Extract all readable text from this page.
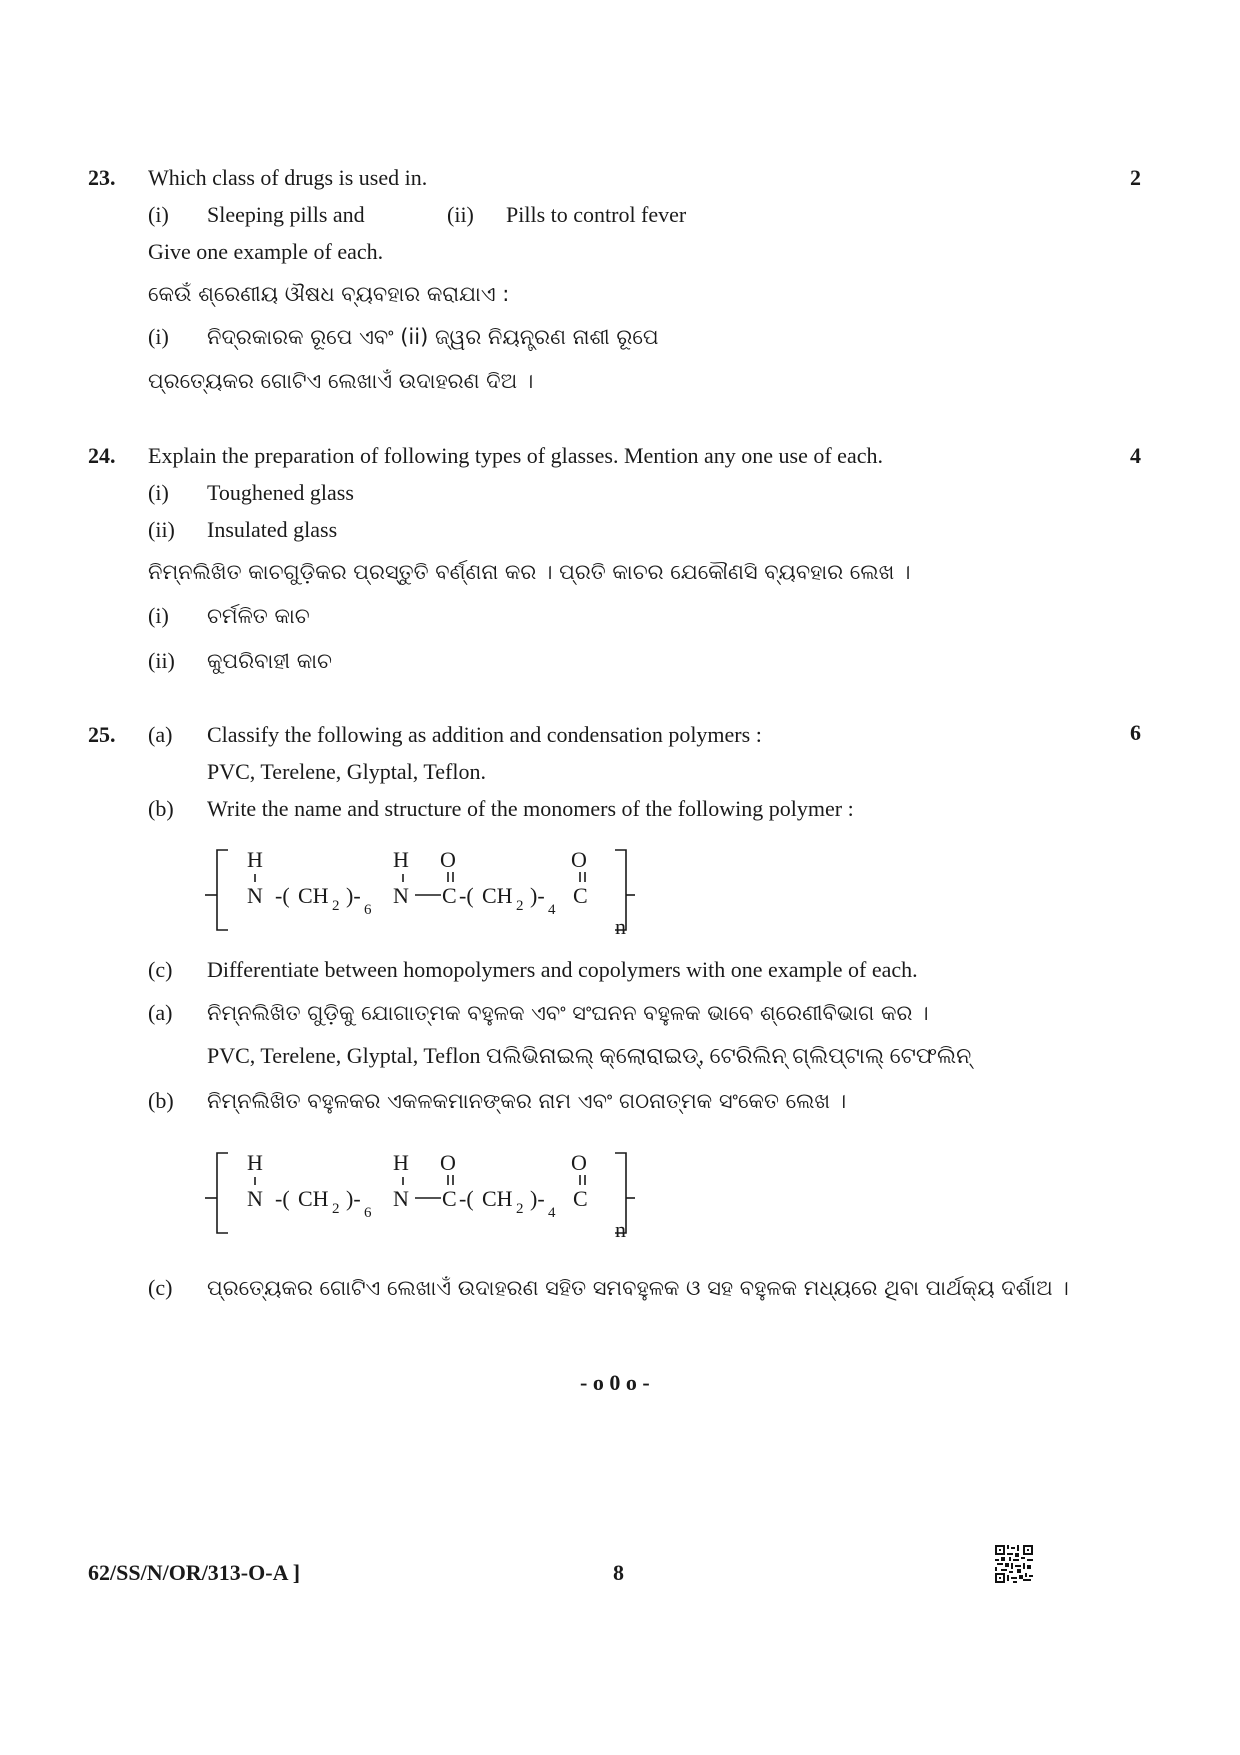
23. Which class of drugs is used in.	2
(i) Sleeping pills and	(ii) Pills to control fever
Give one example of each.
କେଉଁ ଶ୍ରେଣୀୟ ଔଷଧ ବ୍ୟବହାର କରାଯାଏ :
(i) ନିଦ୍ରକାରକ ରୂପେ ଏବଂ (ii) ଜ୍ୱର ନିୟନ୍ତ୍ରଣ ନାଶୀ ରୂପେ
ପ୍ରତ୍ୟେକର ଗୋଟିଏ ଲେଖାଏଁ ଉଦାହରଣ ଦିଅ ।
24. Explain the preparation of following types of glasses. Mention any one use of each.	4
(i) Toughened glass
(ii) Insulated glass
ନିମ୍ନଲିଖିତ କାଚଗୁଡ଼ିକର ପ୍ରସ୍ତୁତି ବର୍ଣ୍ଣନା କର । ପ୍ରତି କାଚର ଯେକୌଣସି ବ୍ୟବହାର ଲେଖ ।
(i) ଚର୍ମଳିତ କାଚ
(ii) କୁପରିବାହୀ କାଚ
25. (a) Classify the following as addition and condensation polymers :	6
PVC, Terelene, Glyptal, Teflon.
(b) Write the name and structure of the monomers of the following polymer :
H
N -( CH 2 )-
6
H
N
O
C -( CH 2 )-
4
O
C
n
(c) Differentiate between homopolymers and copolymers with one example of each.
(a) ନିମ୍ନଲିଖିତ ଗୁଡ଼ିକୁ ଯୋଗାତ୍ମକ ବହୁଳକ ଏବଂ ସଂଘନନ ବହୁଳକ ଭାବେ ଶ୍ରେଣୀବିଭାଗ କର ।
PVC, Terelene, Glyptal, Teflon ପଲିଭିନାଇଲ୍ କ୍ଲୋରାଇଡ୍, ଟେରିଲିନ୍ ଗ୍ଲିପ୍‌ଟାଲ୍ ଟେଫଲିନ୍
(b) ନିମ୍ନଲିଖିତ ବହୁଳକର ଏକଳକମାନଙ୍କର ନାମ ଏବଂ ଗଠନାତ୍ମକ ସଂକେତ ଲେଖ ।
H
N -( CH 2 )-
6
H
N
O
C -( CH 2 )-
4
O
C
n
(c) ପ୍ରତ୍ୟେକର ଗୋଟିଏ ଲେଖାଏଁ ଉଦାହରଣ ସହିତ ସମବହୁଳକ ଓ ସହ ବହୁଳକ ମଧ୍ୟରେ ଥିବା ପାର୍ଥକ୍ୟ ଦର୍ଶାଅ ।
- o 0 o -
62/SS/N/OR/313-O-A ]	8
